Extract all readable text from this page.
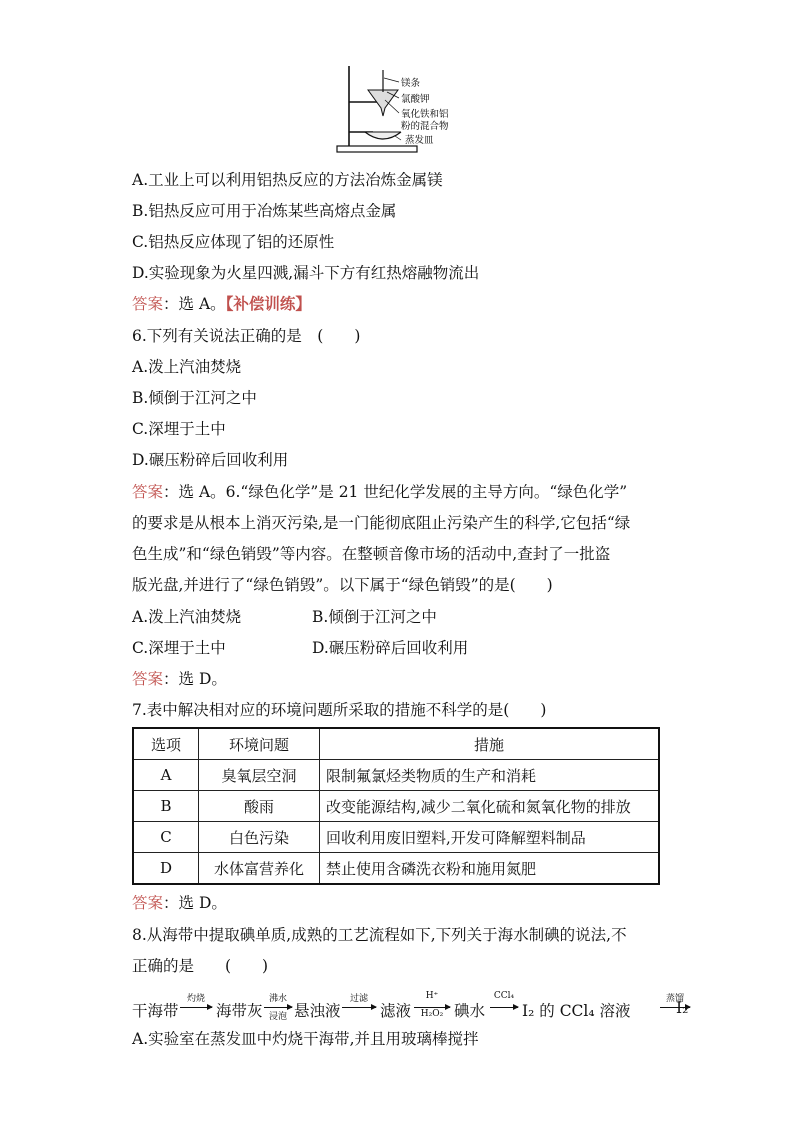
镁条
氯酸钾
氧化铁和铝
粉的混合物
蒸发皿
A.工业上可以利用铝热反应的方法冶炼金属镁
B.铝热反应可用于冶炼某些高熔点金属
C.铝热反应体现了铝的还原性
D.实验现象为火星四溅,漏斗下方有红热熔融物流出
答案：选 A。【补偿训练】
6.下列有关说法正确的是　(　　)
A.泼上汽油焚烧
B.倾倒于江河之中
C.深埋于土中
D.碾压粉碎后回收利用
答案：选 A。6.“绿色化学”是 21 世纪化学发展的主导方向。“绿色化学”
的要求是从根本上消灭污染,是一门能彻底阻止污染产生的科学,它包括“绿
色生成”和“绿色销毁”等内容。在整顿音像市场的活动中,查封了一批盗
版光盘,并进行了“绿色销毁”。以下属于“绿色销毁”的是(　　)
A.泼上汽油焚烧	B.倾倒于江河之中
C.深埋于土中	D.碾压粉碎后回收利用
答案：选 D。
7.表中解决相对应的环境问题所采取的措施不科学的是(　　)
选项	环境问题	措施
A	臭氧层空洞	限制氟氯烃类物质的生产和消耗
B	酸雨	改变能源结构,减少二氧化硫和氮氧化物的排放
C	白色污染	回收利用废旧塑料,开发可降解塑料制品
D	水体富营养化	禁止使用含磷洗衣粉和施用氮肥
答案：选 D。
8.从海带中提取碘单质,成熟的工艺流程如下,下列关于海水制碘的说法,不
正确的是　　(　　)
干海带
灼烧
海带灰
沸水
浸泡 悬浊液
过滤
滤液
H⁺
H₂O₂ 碘水
CCl₄
I₂ 的 CCl₄ 溶液
蒸馏
I₂
A.实验室在蒸发皿中灼烧干海带,并且用玻璃棒搅拌
